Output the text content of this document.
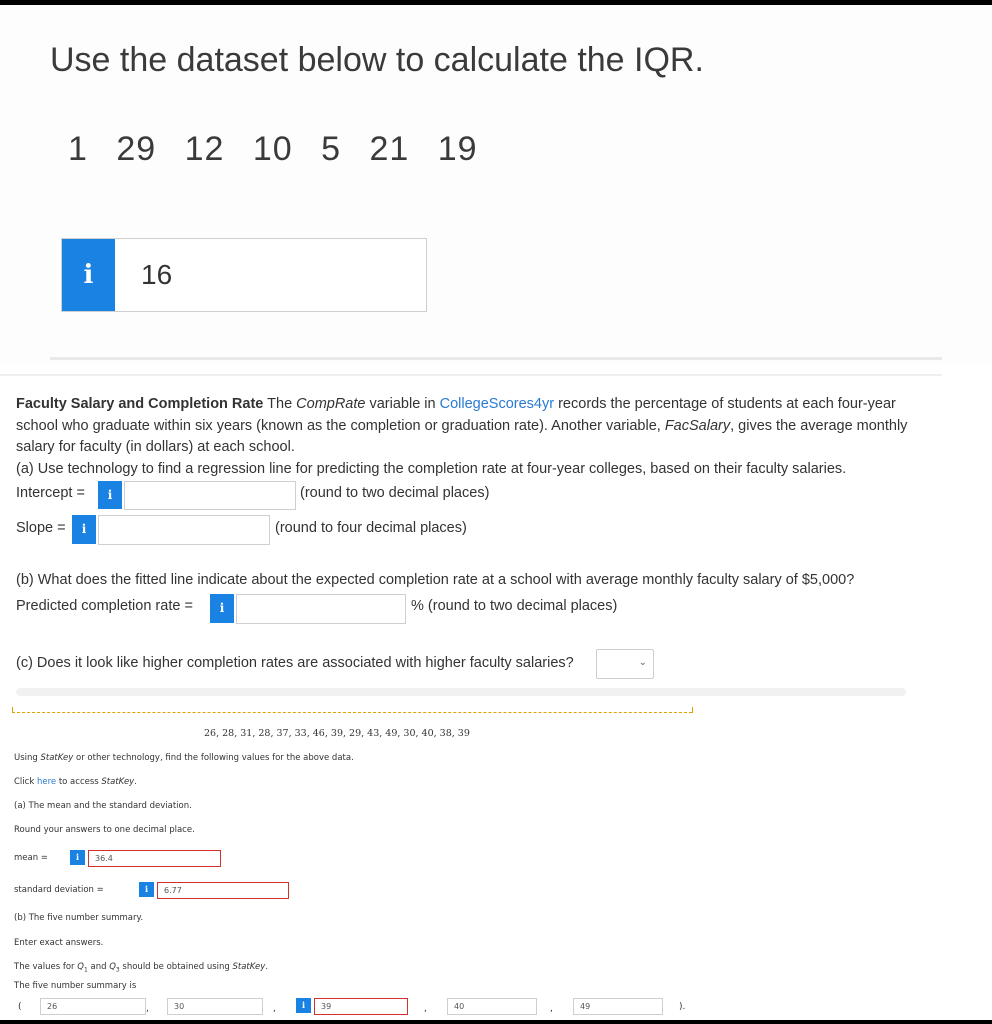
Use the dataset below to calculate the IQR.
1 29 12 10 5 21 19
i	16
Faculty Salary and Completion Rate The CompRate variable in CollegeScores4yr records the percentage of students at each four-year school who graduate within six years (known as the completion or graduation rate). Another variable, FacSalary, gives the average monthly salary for faculty (in dollars) at each school.
(a) Use technology to find a regression line for predicting the completion rate at four-year colleges, based on their faculty salaries.
Intercept =	i	(round to two decimal places)
Slope =	i	(round to four decimal places)
(b) What does the fitted line indicate about the expected completion rate at a school with average monthly faculty salary of $5,000?
Predicted completion rate =	i	% (round to two decimal places)
(c) Does it look like higher completion rates are associated with higher faculty salaries?	⌄
26, 28, 31, 28, 37, 33, 46, 39, 29, 43, 49, 30, 40, 38, 39
Using StatKey or other technology, find the following values for the above data.
Click here to access StatKey.
(a) The mean and the standard deviation.
Round your answers to one decimal place.
mean =	i	36.4
standard deviation =	i	6.77
(b) The five number summary.
Enter exact answers.
The values for $Q_1$ and $Q_3$ should be obtained using StatKey.
The five number summary is
(	26	,	30	,	i	39	,	40	,	49	).
